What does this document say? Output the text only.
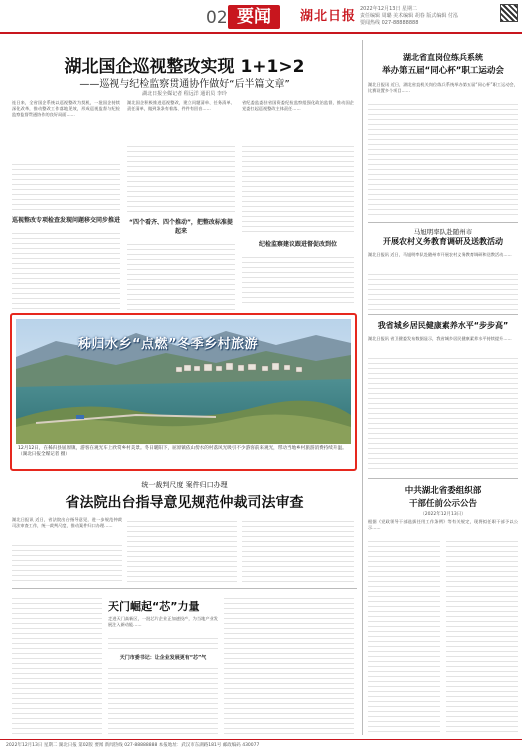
02 要闻	湖北日报 2022年12月13日 星期二
责任编辑 周璐 美术编辑 胡春 版式编辑 付泓
要闻热线 027-88888888
湖北国企巡视整改实现 1+1>2
——巡视与纪检监察贯通协作做好“后半篇文章”
湖北日报全媒记者 程远洋 通讯员 李玲
连日来，全省国企系统以巡视整改为契机，一批国企持续深化改革，推动整改工作落地见效，形成巡视监督与纪检监察监督贯通协作的良好局面……
巡视整改专项检查发现问题移交同步推进
湖北国企积极推进巡视整改，建立问题清单、任务清单、责任清单，做到条条有着落、件件有回音……
“四个看齐、四个推动”，把整改标准提起来
省纪委监委驻省国资委纪检监察组强化政治监督，推动国企党委扛起巡视整改主体责任……
纪检监察建议跟进督促改到位
湖北省直岗位练兵系统
举办第五届“同心杯”职工运动会
湖北日报讯 近日，湖北省直机关岗位练兵系统举办第五届“同心杯”职工运动会，比赛设置多个项目……
马旭明率队赴随州市
开展农村义务教育调研及送教活动
湖北日报讯 近日，马旭明率队赴随州市开展农村义务教育调研和送教活动……
我省城乡居民健康素养水平“步步高”
湖北日报讯 省卫健委发布数据显示，我省城乡居民健康素养水平持续提升……
中共湖北省委组织部
干部任前公示公告
（2022年12月13日）
根据《党政领导干部选拔任用工作条例》等有关规定，现将拟任职干部予以公示……
秭归水乡“点燃”冬季乡村旅游
12月12日，在秭归县屈原镇，游客在观光车上欣赏乡村美景。冬日暖阳下，屈原镇依山傍水的村落风光吸引不少游客前来观光，带动当地乡村旅游消费持续升温。（湖北日报全媒记者 摄）
统一裁判尺度 案件归口办理
省法院出台指导意见规范仲裁司法审查
湖北日报讯 近日，省法院出台指导意见，进一步规范仲裁司法审查工作，统一裁判尺度，推动案件归口办理……
天门崛起“芯”力量
走进天门高新区，一批芯片企业正加速投产，为当地产业发展注入新动能……
天门市委书记：让企业发展更有“芯”气
2022年12月13日 星期二 湖北日报 第02版 要闻 新闻热线 027-88888888 本报地址：武汉市东湖路181号 邮政编码 430077
